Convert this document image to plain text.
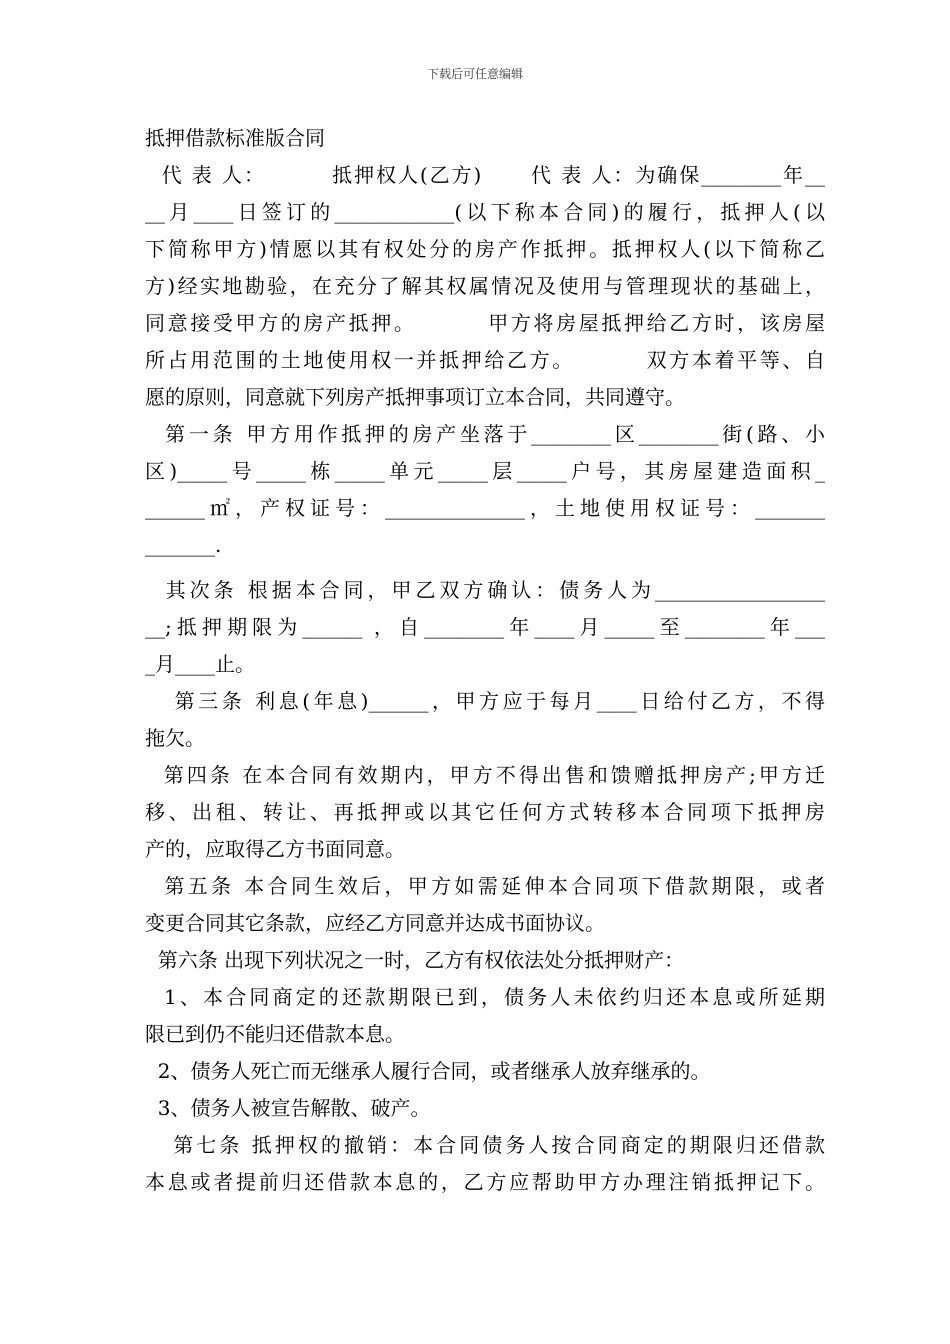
下载后可任意编辑
抵押借款标准版合同
代 表 人：        抵押权人(乙方)      代 表 人：为确保________年__
__月____日签订的____________(以下称本合同)的履行，抵押人(以
下简称甲方)情愿以其有权处分的房产作抵押。抵押权人(以下简称乙
方)经实地勘验，在充分了解其权属情况及使用与管理现状的基础上，
同意接受甲方的房产抵押。        甲方将房屋抵押给乙方时，该房屋
所占用范围的土地使用权一并抵押给乙方。        双方本着平等、自
愿的原则，同意就下列房产抵押事项订立本合同，共同遵守。
第一条 甲方用作抵押的房产坐落于________区________街(路、小
区)_____号_____栋_____单元_____层_____户号，其房屋建造面积_
______㎡，产权证号：______________，土地使用权证号：_______
_______.
其次条 根据本合同，甲乙双方确认：债务人为_________________
__;抵押期限为______ ，自________年____月_____至________年___
_月____止。
第三条 利息(年息)______，甲方应于每月____日给付乙方，不得
拖欠。
第四条 在本合同有效期内，甲方不得出售和馈赠抵押房产;甲方迁
移、出租、转让、再抵押或以其它任何方式转移本合同项下抵押房
产的，应取得乙方书面同意。
第五条 本合同生效后，甲方如需延伸本合同项下借款期限，或者
变更合同其它条款，应经乙方同意并达成书面协议。
第六条 出现下列状况之一时，乙方有权依法处分抵押财产：
1、本合同商定的还款期限已到，债务人未依约归还本息或所延期
限已到仍不能归还借款本息。
2、债务人死亡而无继承人履行合同，或者继承人放弃继承的。
3、债务人被宣告解散、破产。
第七条 抵押权的撤销：本合同债务人按合同商定的期限归还借款
本息或者提前归还借款本息的，乙方应帮助甲方办理注销抵押记下。
